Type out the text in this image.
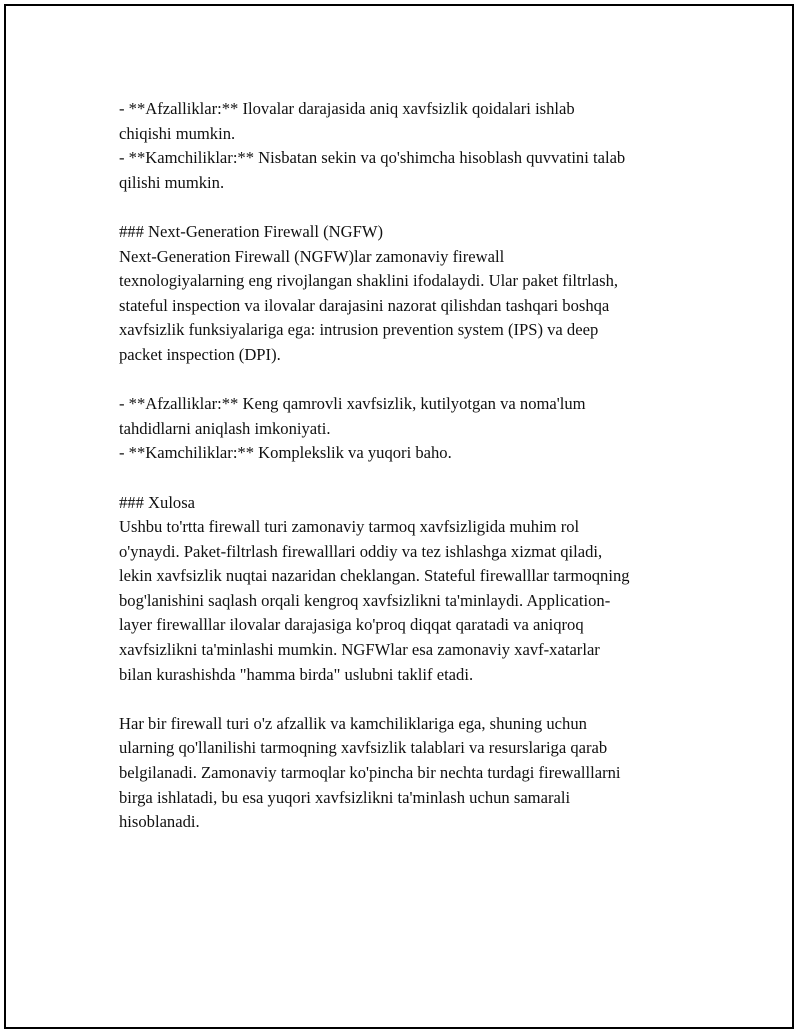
- **Afzalliklar:** Ilovalar darajasida aniq xavfsizlik qoidalari ishlab
chiqishi mumkin.
- **Kamchiliklar:** Nisbatan sekin va qo'shimcha hisoblash quvvatini talab
qilishi mumkin.
### Next-Generation Firewall (NGFW)
Next-Generation Firewall (NGFW)lar zamonaviy firewall
texnologiyalarning eng rivojlangan shaklini ifodalaydi. Ular paket filtrlash,
stateful inspection va ilovalar darajasini nazorat qilishdan tashqari boshqa
xavfsizlik funksiyalariga ega: intrusion prevention system (IPS) va deep
packet inspection (DPI).
- **Afzalliklar:** Keng qamrovli xavfsizlik, kutilyotgan va noma'lum
tahdidlarni aniqlash imkoniyati.
- **Kamchiliklar:** Komplekslik va yuqori baho.
### Xulosa
Ushbu to'rtta firewall turi zamonaviy tarmoq xavfsizligida muhim rol
o'ynaydi. Paket-filtrlash firewalllari oddiy va tez ishlashga xizmat qiladi,
lekin xavfsizlik nuqtai nazaridan cheklangan. Stateful firewalllar tarmoqning
bog'lanishini saqlash orqali kengroq xavfsizlikni ta'minlaydi. Application-
layer firewalllar ilovalar darajasiga ko'proq diqqat qaratadi va aniqroq
xavfsizlikni ta'minlashi mumkin. NGFWlar esa zamonaviy xavf-xatarlar
bilan kurashishda "hamma birda" uslubni taklif etadi.
Har bir firewall turi o'z afzallik va kamchiliklariga ega, shuning uchun
ularning qo'llanilishi tarmoqning xavfsizlik talablari va resurslariga qarab
belgilanadi. Zamonaviy tarmoqlar ko'pincha bir nechta turdagi firewalllarni
birga ishlatadi, bu esa yuqori xavfsizlikni ta'minlash uchun samarali
hisoblanadi.
